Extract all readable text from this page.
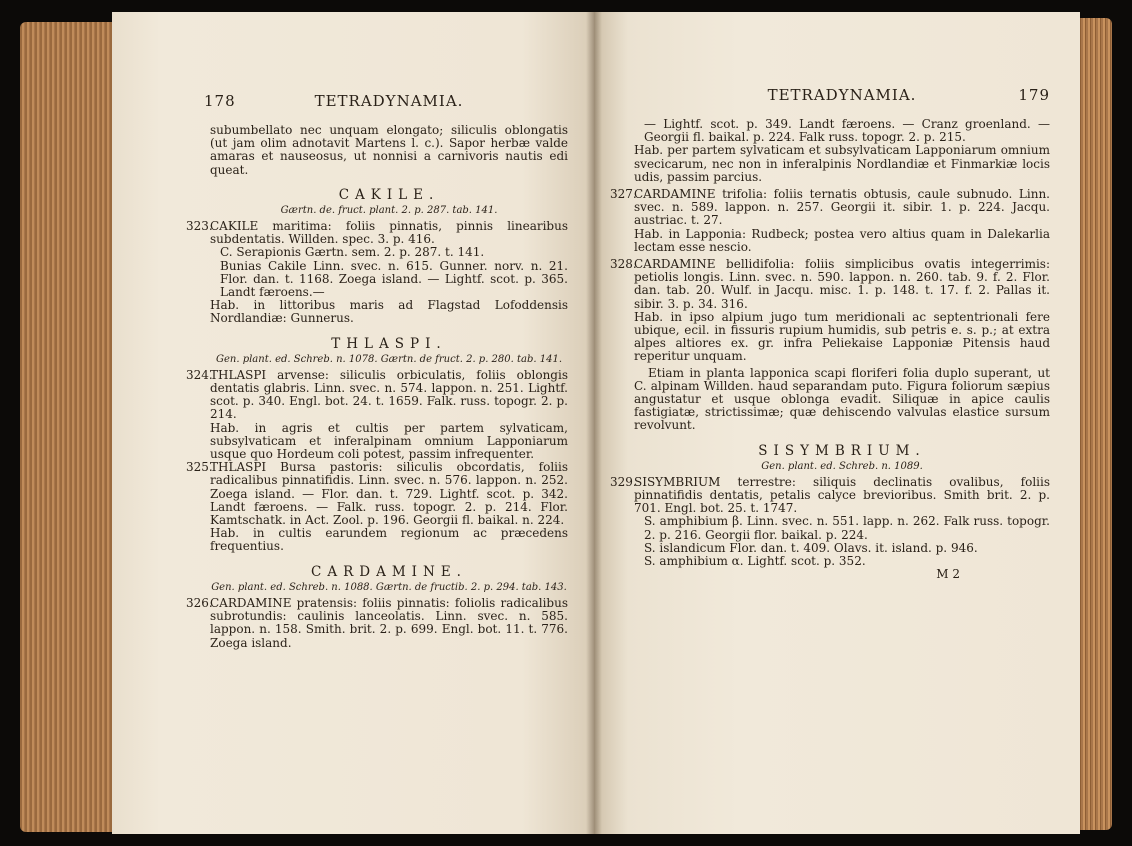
178	TETRADYNAMIA.

subumbellato nec unquam elongato; siliculis oblongatis (ut jam olim adnotavit Martens l. c.). Sapor herbæ valde amaras et nauseosus, ut nonnisi a carnivoris nautis edi queat.

CAKILE.
Gærtn. de. fruct. plant. 2. p. 287. tab. 141.

323.
CAKILE maritima: foliis pinnatis, pinnis linearibus subdentatis. Willden. spec. 3. p. 416.

C. Serapionis Gærtn. sem. 2. p. 287. t. 141.

Bunias Cakile Linn. svec. n. 615. Gunner. norv. n. 21. Flor. dan. t. 1168. Zoega island. — Lightf. scot. p. 365. Landt færoens.—

Hab. in littoribus maris ad Flagstad Lofoddensis Nordlandiæ: Gunnerus.

THLASPI.
Gen. plant. ed. Schreb. n. 1078. Gærtn. de fruct. 2. p. 280. tab. 141.

324.
THLASPI arvense: siliculis orbiculatis, foliis oblongis dentatis glabris. Linn. svec. n. 574. lappon. n. 251. Lightf. scot. p. 340. Engl. bot. 24. t. 1659. Falk. russ. topogr. 2. p. 214.

Hab. in agris et cultis per partem sylvaticam, subsylvaticam et inferalpinam omnium Lapponiarum usque quo Hordeum coli potest, passim infrequenter.

325.
THLASPI Bursa pastoris: siliculis obcordatis, foliis radicalibus pinnatifidis. Linn. svec. n. 576. lappon. n. 252. Zoega island. — Flor. dan. t. 729. Lightf. scot. p. 342. Landt færoens. — Falk. russ. topogr. 2. p. 214. Flor. Kamtschatk. in Act. Zool. p. 196. Georgii fl. baikal. n. 224.

Hab. in cultis earundem regionum ac præcedens frequentius.

CARDAMINE.
Gen. plant. ed. Schreb. n. 1088. Gærtn. de fructib. 2. p. 294. tab. 143.

326.
CARDAMINE pratensis: foliis pinnatis: foliolis radicalibus subrotundis: caulinis lanceolatis. Linn. svec. n. 585. lappon. n. 158. Smith. brit. 2. p. 699. Engl. bot. 11. t. 776. Zoega island.

TETRADYNAMIA.	179

— Lightf. scot. p. 349. Landt færoens. — Cranz groenland. — Georgii fl. baikal. p. 224. Falk russ. topogr. 2. p. 215.

Hab. per partem sylvaticam et subsylvaticam Lapponiarum omnium svecicarum, nec non in inferalpinis Nordlandiæ et Finmarkiæ locis udis, passim parcius.

327.
CARDAMINE trifolia: foliis ternatis obtusis, caule subnudo. Linn. svec. n. 589. lappon. n. 257. Georgii it. sibir. 1. p. 224. Jacqu. austriac. t. 27.

Hab. in Lapponia: Rudbeck; postea vero altius quam in Dalekarlia lectam esse nescio.

328.
CARDAMINE bellidifolia: foliis simplicibus ovatis integerrimis: petiolis longis. Linn. svec. n. 590. lappon. n. 260. tab. 9. f. 2. Flor. dan. tab. 20. Wulf. in Jacqu. misc. 1. p. 148. t. 17. f. 2. Pallas it. sibir. 3. p. 34. 316.

Hab. in ipso alpium jugo tum meridionali ac septentrionali fere ubique, ecil. in fissuris rupium humidis, sub petris e. s. p.; at extra alpes altiores ex. gr. infra Peliekaise Lapponiæ Pitensis haud reperitur unquam.

Etiam in planta lapponica scapi floriferi folia duplo superant, ut C. alpinam Willden. haud separandam puto. Figura foliorum sæpius angustatur et usque oblonga evadit. Siliquæ in apice caulis fastigiatæ, strictissimæ; quæ dehiscendo valvulas elastice sursum revolvunt.

SISYMBRIUM.
Gen. plant. ed. Schreb. n. 1089.

329.
SISYMBRIUM terrestre: siliquis declinatis ovalibus, foliis pinnatifidis dentatis, petalis calyce brevioribus. Smith brit. 2. p. 701. Engl. bot. 25. t. 1747.

S. amphibium β. Linn. svec. n. 551. lapp. n. 262. Falk russ. topogr. 2. p. 216. Georgii flor. baikal. p. 224.

S. islandicum Flor. dan. t. 409. Olavs. it. island. p. 946.

S. amphibium α. Lightf. scot. p. 352.

M 2
